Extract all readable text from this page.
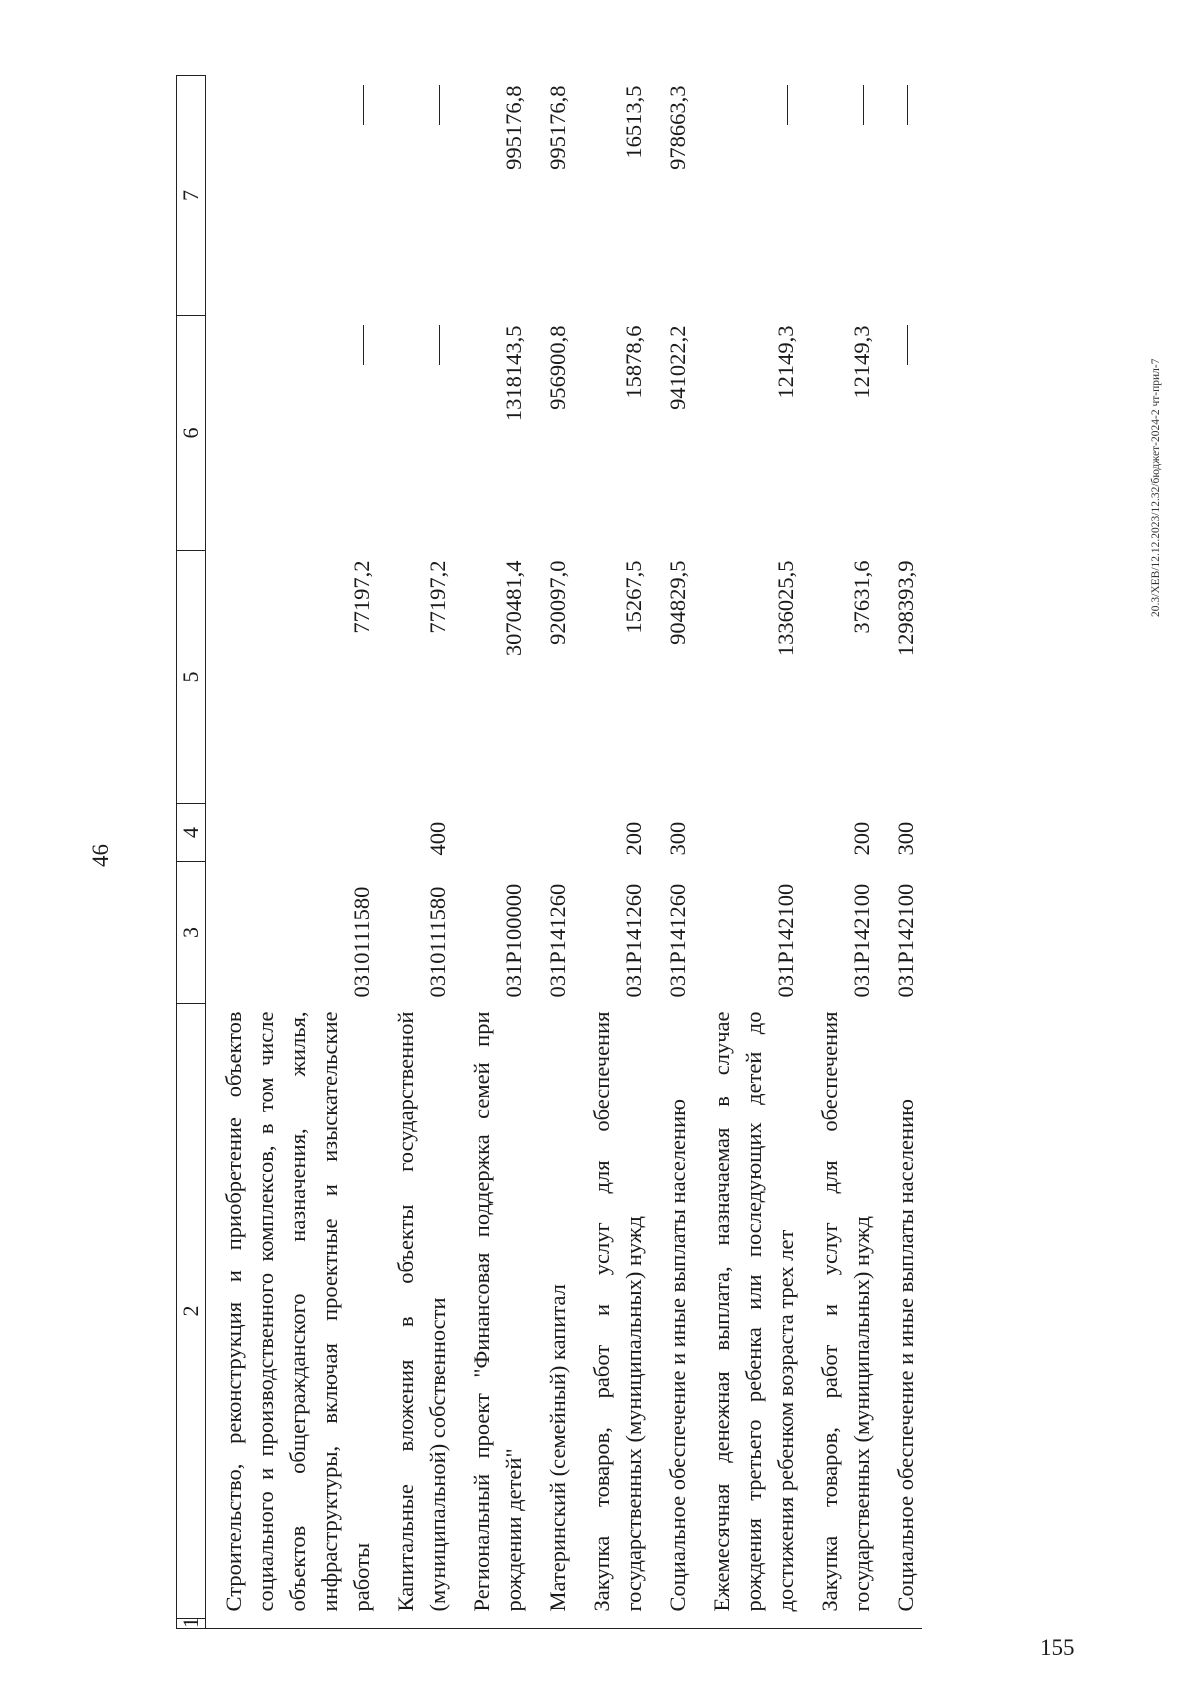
46
1	2	3	4	5	6	7
	Строительство, реконструкция и приобретение объектов социального и производственного комплексов, в том числе объектов общегражданского назначения, жилья, инфраструктуры, включая проектные и изыскательские работы	0310111580		77197,2		
	Капитальные вложения в объекты государственной (муниципальной) собственности	0310111580	400	77197,2		
	Региональный проект "Финансовая поддержка семей при рождении детей"	031P100000		3070481,4	1318143,5	995176,8
	Материнский (семейный) капитал	031P141260		920097,0	956900,8	995176,8
	Закупка товаров, работ и услуг для обеспечения государственных (муниципальных) нужд	031P141260	200	15267,5	15878,6	16513,5
	Социальное обеспечение и иные выплаты населению	031P141260	300	904829,5	941022,2	978663,3
	Ежемесячная денежная выплата, назначаемая в случае рождения третьего ребенка или последующих детей до достижения ребенком возраста трех лет	031P142100		1336025,5	12149,3	
	Закупка товаров, работ и услуг для обеспечения государственных (муниципальных) нужд	031P142100	200	37631,6	12149,3	
	Социальное обеспечение и иные выплаты населению	031P142100	300	1298393,9			20.3/ХЕВ/12.12.2023/12.32/бюджет-2024-2 чт-прил-7
155
